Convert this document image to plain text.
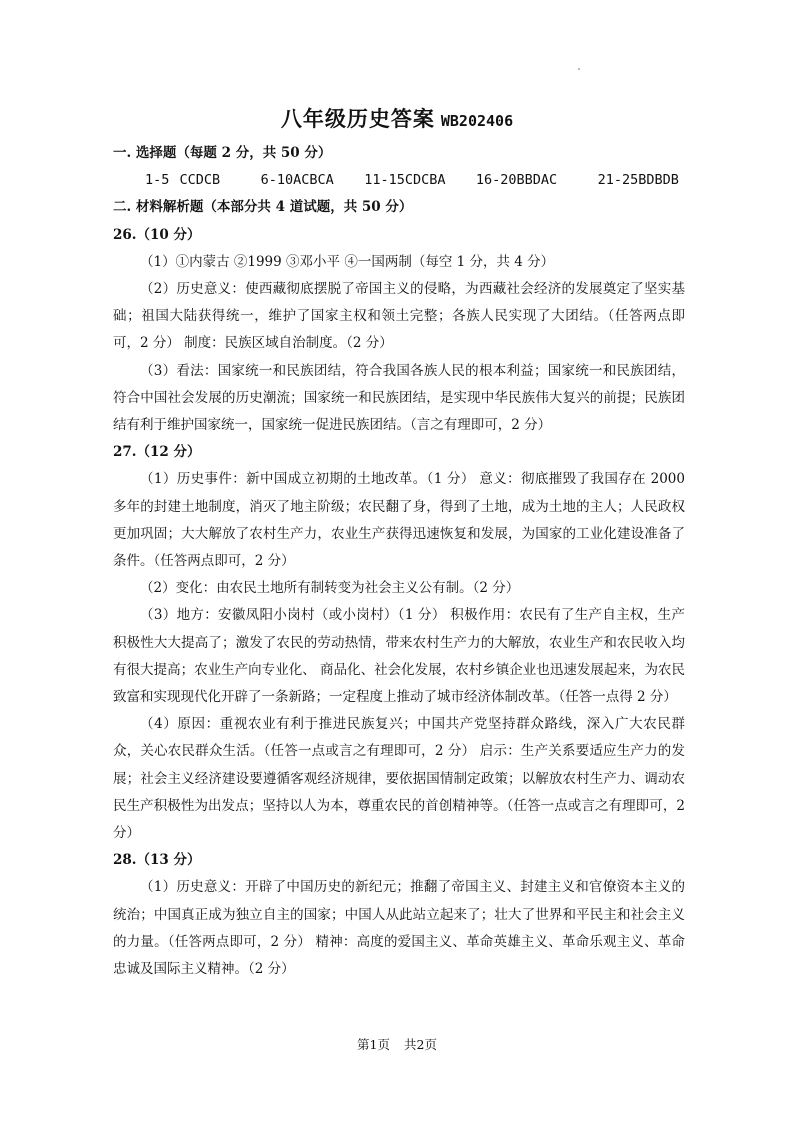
八年级历史答案 WB202406

一. 选择题（每题 2 分，共 50 分）

1-5 CCDCB    6-10ACBCA   11-15CDCBA   16-20BBDAC    21-25BDBDB

二. 材料解析题（本部分共 4 道试题，共 50 分）

26.（10 分）

（1）①内蒙古 ②1999 ③邓小平 ④一国两制（每空 1 分，共 4 分）

（2）历史意义：使西藏彻底摆脱了帝国主义的侵略，为西藏社会经济的发展奠定了坚实基础；祖国大陆获得统一，维护了国家主权和领土完整；各族人民实现了大团结。（任答两点即可，2 分） 制度：民族区域自治制度。（2 分）

（3）看法：国家统一和民族团结，符合我国各族人民的根本利益；国家统一和民族团结，符合中国社会发展的历史潮流；国家统一和民族团结，是实现中华民族伟大复兴的前提；民族团结有利于维护国家统一，国家统一促进民族团结。（言之有理即可，2 分）

27.（12 分）

（1）历史事件：新中国成立初期的土地改革。（1 分） 意义：彻底摧毁了我国存在 2000 多年的封建土地制度，消灭了地主阶级；农民翻了身，得到了土地，成为土地的主人；人民政权更加巩固；大大解放了农村生产力，农业生产获得迅速恢复和发展，为国家的工业化建设准备了条件。（任答两点即可，2 分）

（2）变化：由农民土地所有制转变为社会主义公有制。（2 分）

（3）地方：安徽凤阳小岗村（或小岗村）（1 分） 积极作用：农民有了生产自主权，生产积极性大大提高了；激发了农民的劳动热情，带来农村生产力的大解放，农业生产和农民收入均有很大提高；农业生产向专业化、 商品化、社会化发展，农村乡镇企业也迅速发展起来，为农民致富和实现现代化开辟了一条新路；一定程度上推动了城市经济体制改革。（任答一点得 2 分）

（4）原因：重视农业有利于推进民族复兴；中国共产党坚持群众路线，深入广大农民群众，关心农民群众生活。（任答一点或言之有理即可，2 分） 启示：生产关系要适应生产力的发展；社会主义经济建设要遵循客观经济规律，要依据国情制定政策；以解放农村生产力、调动农民生产积极性为出发点；坚持以人为本，尊重农民的首创精神等。（任答一点或言之有理即可，2 分）

28.（13 分）

（1）历史意义：开辟了中国历史的新纪元；推翻了帝国主义、封建主义和官僚资本主义的统治；中国真正成为独立自主的国家；中国人从此站立起来了；壮大了世界和平民主和社会主义的力量。（任答两点即可，2 分） 精神：高度的爱国主义、革命英雄主义、革命乐观主义、革命忠诚及国际主义精神。（2 分）

第1页 共2页
